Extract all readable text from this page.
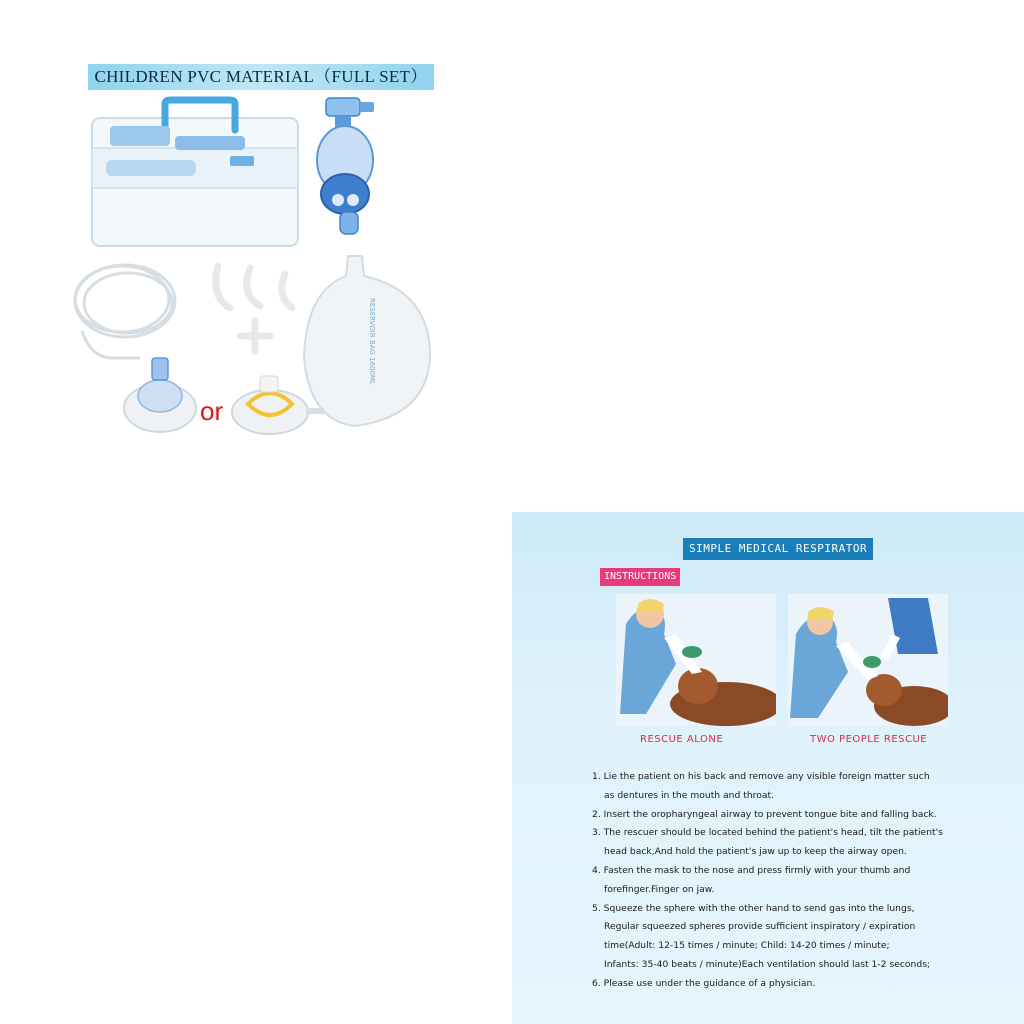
CHILDREN PVC MATERIAL（FULL SET）
RESERVOIR BAG 1600ML
or
SIMPLE MEDICAL RESPIRATOR
INSTRUCTIONS
RESCUE ALONE	TWO PEOPLE RESCUE
1. Lie the patient on his back and remove any visible foreign matter such
as dentures in the mouth and throat.
2. Insert the oropharyngeal airway to prevent tongue bite and falling back.
3. The rescuer should be located behind the patient's head, tilt the patient's
head back,And hold the patient's jaw up to keep the airway open.
4. Fasten the mask to the nose and press firmly with your thumb and
forefinger.Finger on jaw.
5. Squeeze the sphere with the other hand to send gas into the lungs,
Regular squeezed spheres provide sufficient inspiratory / expiration
time(Adult: 12-15 times / minute; Child: 14-20 times / minute;
Infants: 35-40 beats / minute)Each ventilation should last 1-2 seconds;
6. Please use under the guidance of a physician.
